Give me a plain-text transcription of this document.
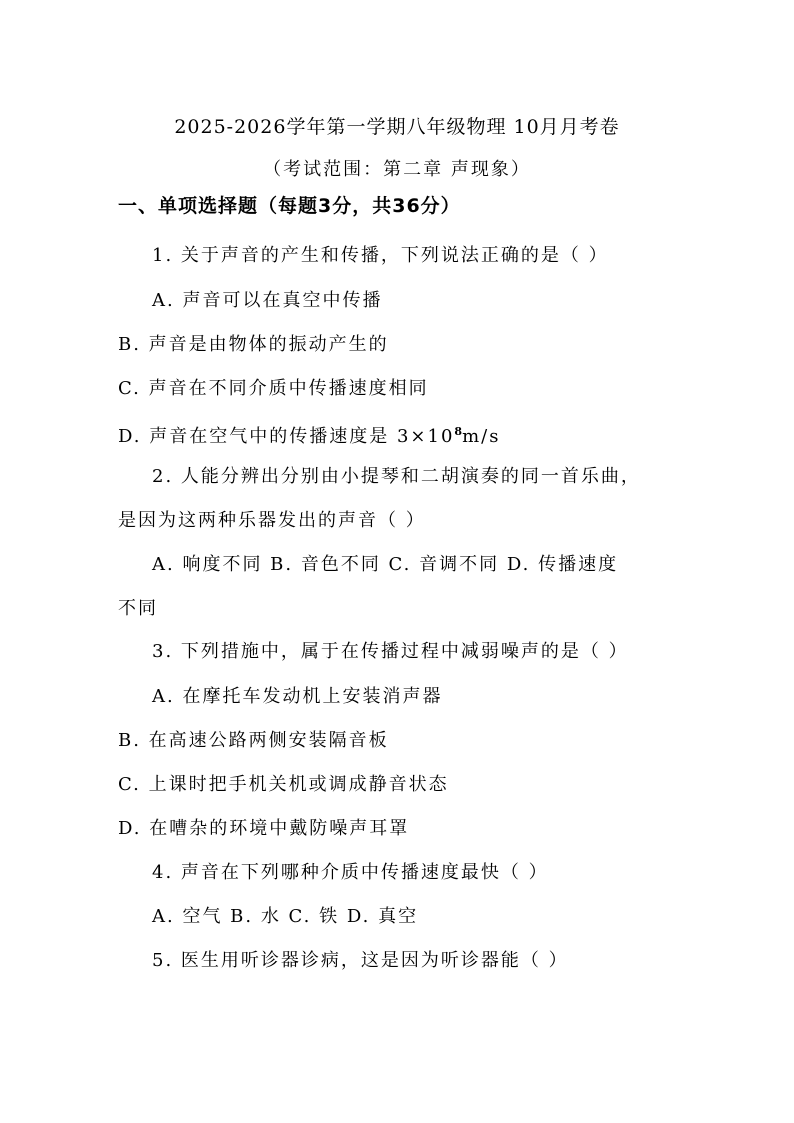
2025-2026学年第一学期八年级物理 10月月考卷
（考试范围：第二章 声现象）
一、单项选择题（每题3分，共36分）
1. 关于声音的产生和传播，下列说法正确的是（ ）
A. 声音可以在真空中传播
B. 声音是由物体的振动产生的
C. 声音在不同介质中传播速度相同
D. 声音在空气中的传播速度是 $3\times 10^8m/s$
2. 人能分辨出分别由小提琴和二胡演奏的同一首乐曲，
是因为这两种乐器发出的声音（ ）
A. 响度不同 B. 音色不同 C. 音调不同 D. 传播速度
不同
3. 下列措施中，属于在传播过程中减弱噪声的是（ ）
A. 在摩托车发动机上安装消声器
B. 在高速公路两侧安装隔音板
C. 上课时把手机关机或调成静音状态
D. 在嘈杂的环境中戴防噪声耳罩
4. 声音在下列哪种介质中传播速度最快（ ）
A. 空气 B. 水 C. 铁 D. 真空
5. 医生用听诊器诊病，这是因为听诊器能（ ）
